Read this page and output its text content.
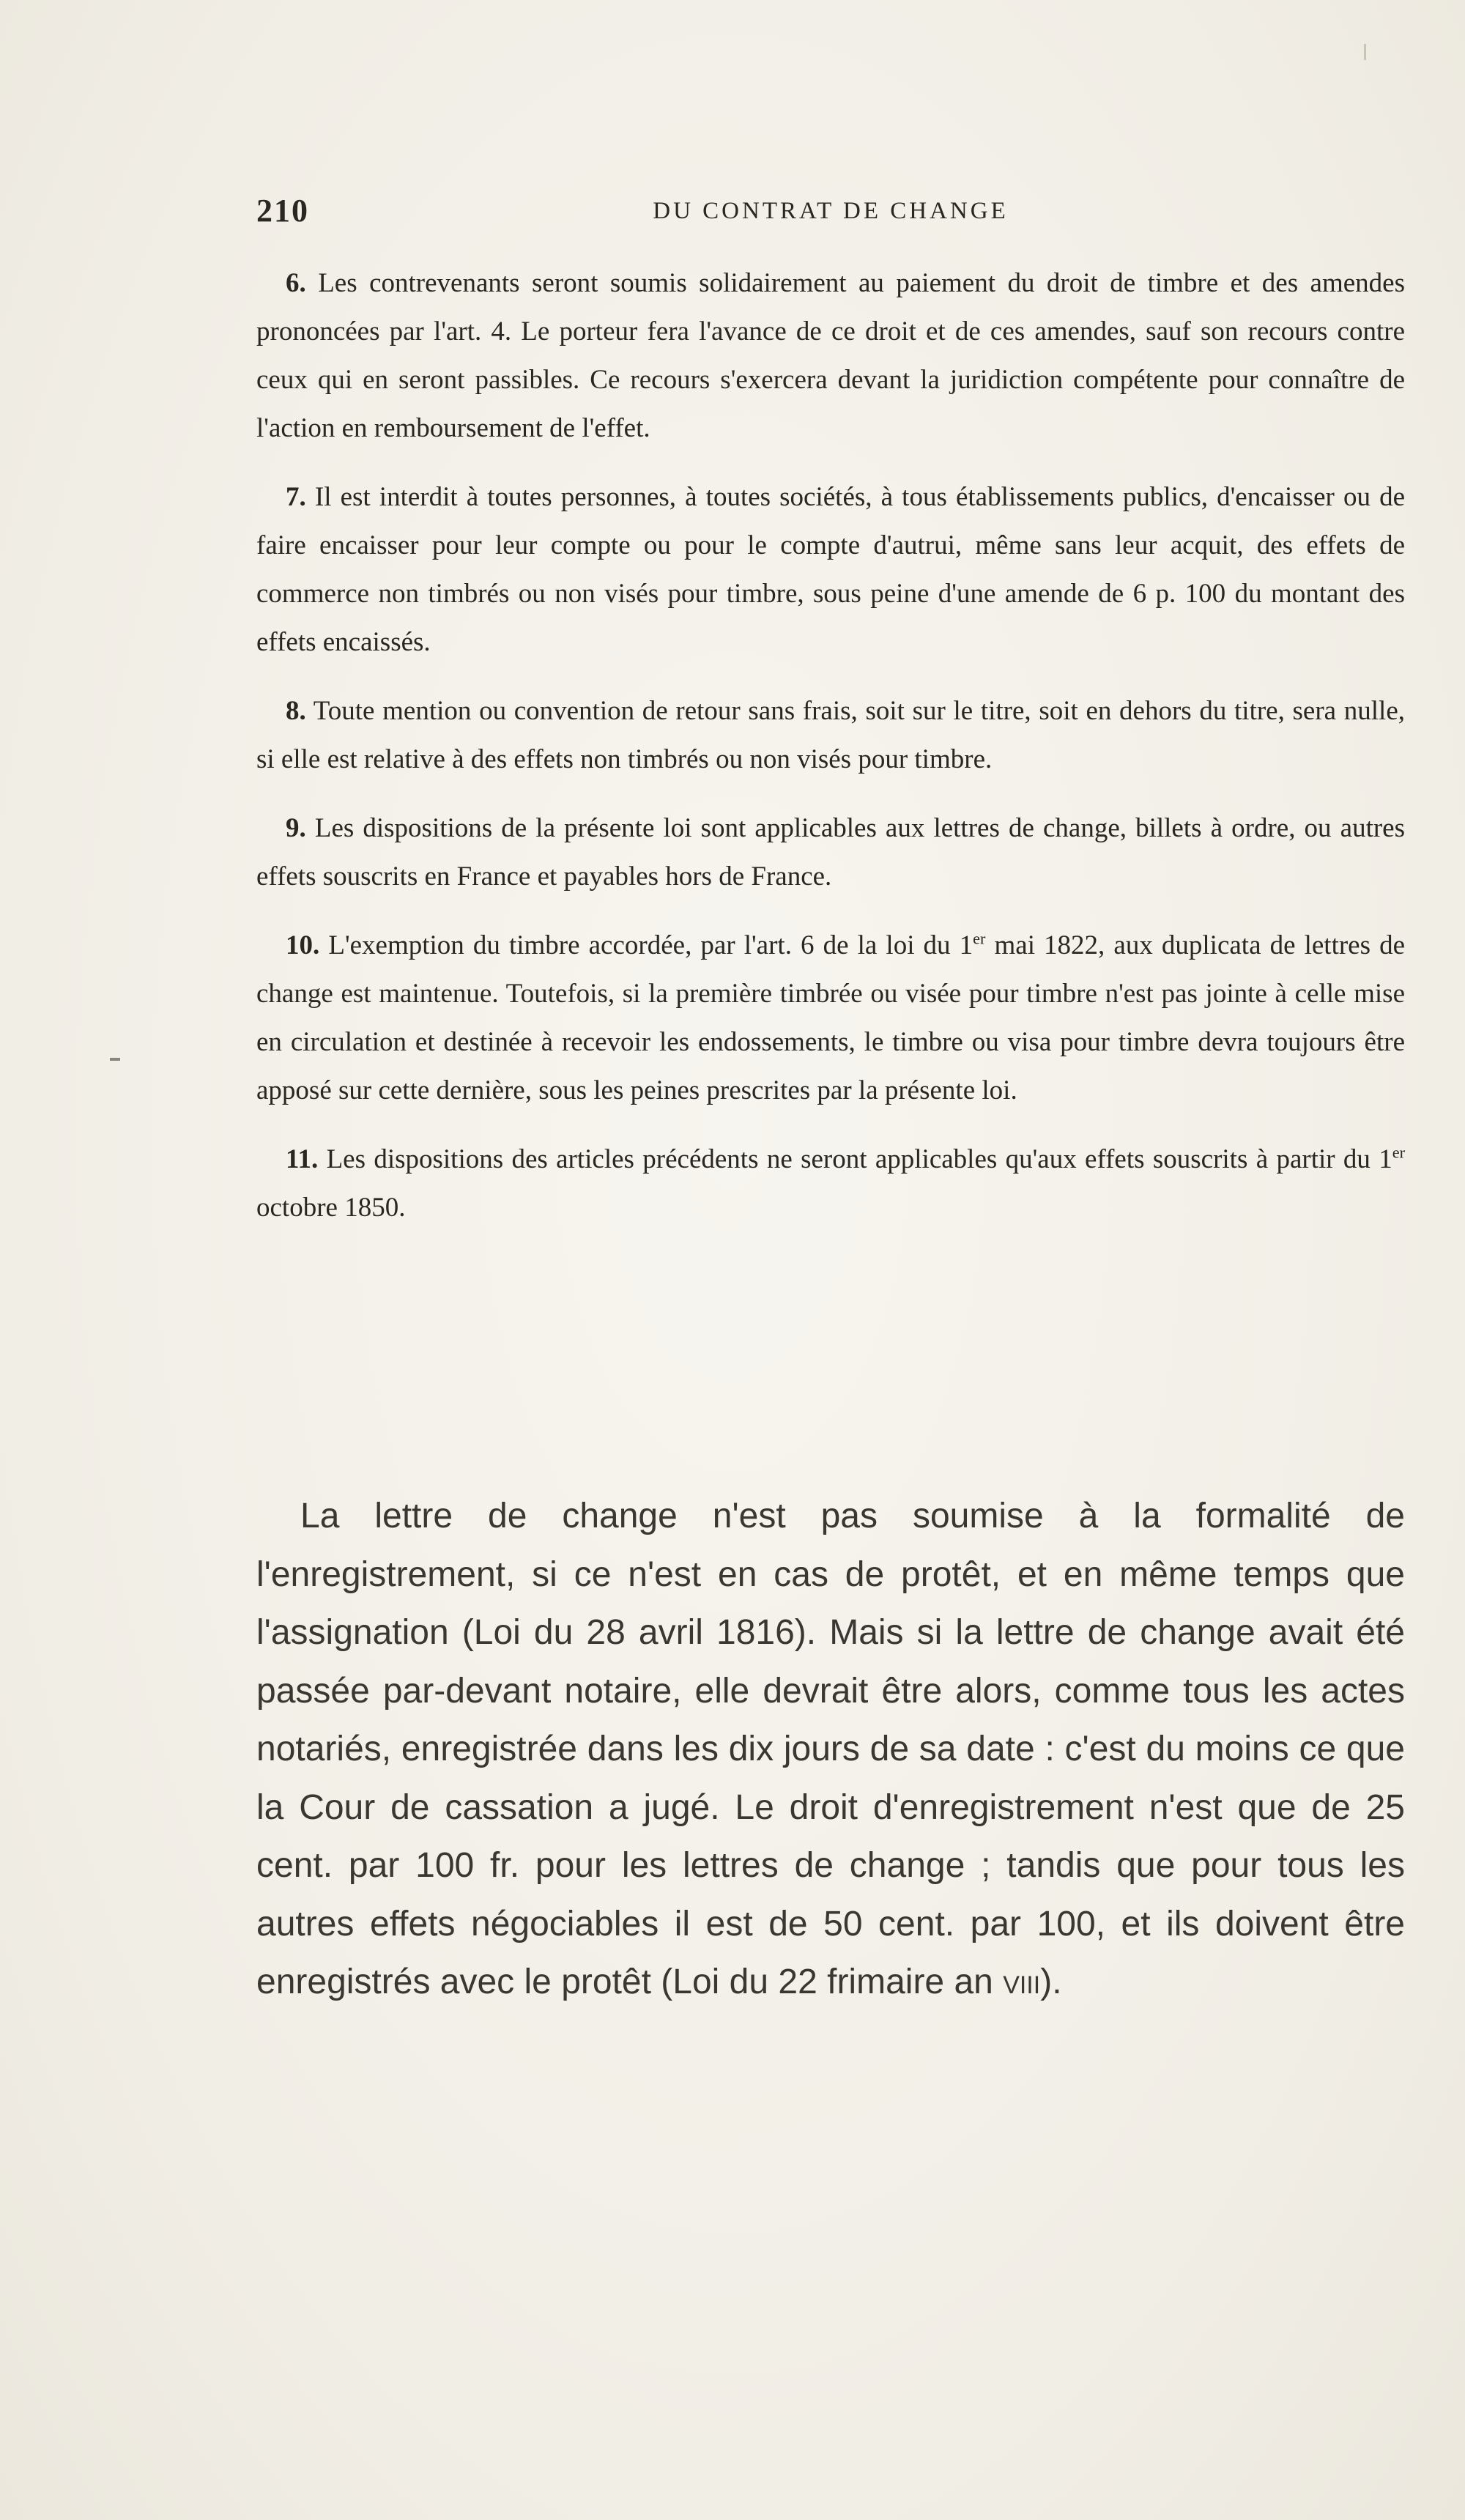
210	DU CONTRAT DE CHANGE

6. Les contrevenants seront soumis solidairement au paiement du droit de timbre et des amendes prononcées par l'art. 4. Le porteur fera l'avance de ce droit et de ces amendes, sauf son recours contre ceux qui en seront passibles. Ce recours s'exercera devant la juridiction compétente pour connaître de l'action en remboursement de l'effet.

7. Il est interdit à toutes personnes, à toutes sociétés, à tous établissements publics, d'encaisser ou de faire encaisser pour leur compte ou pour le compte d'autrui, même sans leur acquit, des effets de commerce non timbrés ou non visés pour timbre, sous peine d'une amende de 6 p. 100 du montant des effets encaissés.

8. Toute mention ou convention de retour sans frais, soit sur le titre, soit en dehors du titre, sera nulle, si elle est relative à des effets non timbrés ou non visés pour timbre.

9. Les dispositions de la présente loi sont applicables aux lettres de change, billets à ordre, ou autres effets souscrits en France et payables hors de France.

10. L'exemption du timbre accordée, par l'art. 6 de la loi du 1er mai 1822, aux duplicata de lettres de change est maintenue. Toutefois, si la première timbrée ou visée pour timbre n'est pas jointe à celle mise en circulation et destinée à recevoir les endossements, le timbre ou visa pour timbre devra toujours être apposé sur cette dernière, sous les peines prescrites par la présente loi.

11. Les dispositions des articles précédents ne seront applicables qu'aux effets souscrits à partir du 1er octobre 1850.

La lettre de change n'est pas soumise à la formalité de l'enregistrement, si ce n'est en cas de protêt, et en même temps que l'assignation (Loi du 28 avril 1816). Mais si la lettre de change avait été passée par-devant notaire, elle devrait être alors, comme tous les actes notariés, enregistrée dans les dix jours de sa date : c'est du moins ce que la Cour de cassation a jugé. Le droit d'enregistrement n'est que de 25 cent. par 100 fr. pour les lettres de change ; tandis que pour tous les autres effets négociables il est de 50 cent. par 100, et ils doivent être enregistrés avec le protêt (Loi du 22 frimaire an viii).
